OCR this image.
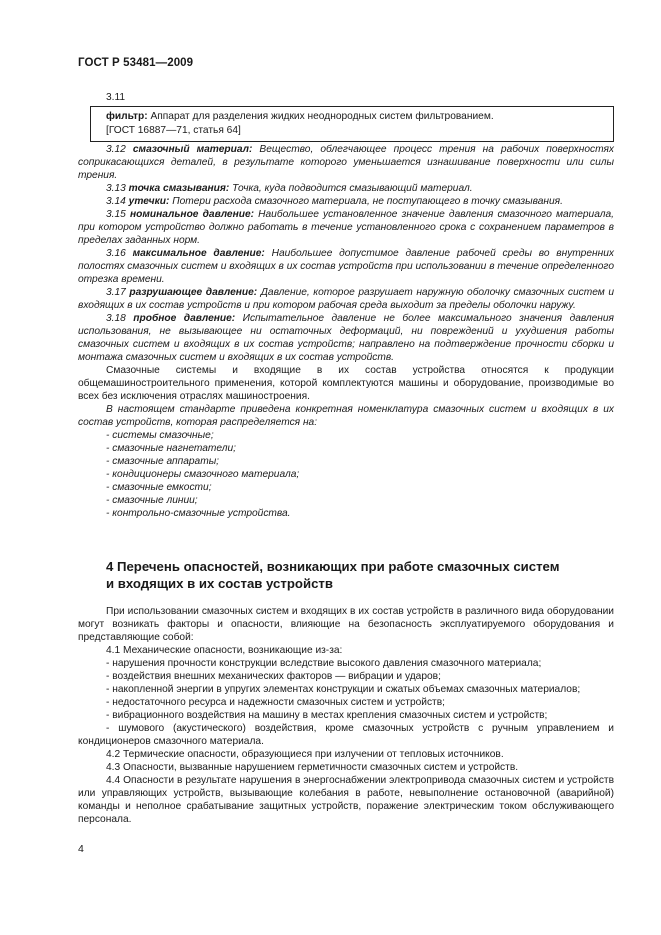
ГОСТ Р 53481—2009
3.11

фильтр: Аппарат для разделения жидких неоднородных систем фильтрованием.

[ГОСТ 16887—71, статья 64]

3.12 смазочный материал: Вещество, облегчающее процесс трения на рабочих поверхностях соприкасающихся деталей, в результате которого уменьшается изнашивание поверхности или силы трения.

3.13 точка смазывания: Точка, куда подводится смазывающий материал.

3.14 утечки: Потери расхода смазочного материала, не поступающего в точку смазывания.

3.15 номинальное давление: Наибольшее установленное значение давления смазочного материала, при котором устройство должно работать в течение установленного срока с сохранением параметров в пределах заданных норм.

3.16 максимальное давление: Наибольшее допустимое давление рабочей среды во внутренних полостях смазочных систем и входящих в их состав устройств при использовании в течение определенного отрезка времени.

3.17 разрушающее давление: Давление, которое разрушает наружную оболочку смазочных систем и входящих в их состав устройств и при котором рабочая среда выходит за пределы оболочки наружу.

3.18 пробное давление: Испытательное давление не более максимального значения давления использования, не вызывающее ни остаточных деформаций, ни повреждений и ухудшения работы смазочных систем и входящих в их состав устройств; направлено на подтверждение прочности сборки и монтажа смазочных систем и входящих в их состав устройств.

Смазочные системы и входящие в их состав устройства относятся к продукции общемашиностроительного применения, которой комплектуются машины и оборудование, производимые во всех без исключения отраслях машиностроения.

В настоящем стандарте приведена конкретная номенклатура смазочных систем и входящих в их состав устройств, которая распределяется на:

- системы смазочные;

- смазочные нагнетатели;

- смазочные аппараты;

- кондиционеры смазочного материала;

- смазочные емкости;

- смазочные линии;

- контрольно-смазочные устройства.

4 Перечень опасностей, возникающих при работе смазочных систем
и входящих в их состав устройств

При использовании смазочных систем и входящих в их состав устройств в различного вида оборудовании могут возникать факторы и опасности, влияющие на безопасность эксплуатируемого оборудования и представляющие собой:

4.1 Механические опасности, возникающие из-за:

- нарушения прочности конструкции вследствие высокого давления смазочного материала;

- воздействия внешних механических факторов — вибрации и ударов;

- накопленной энергии в упругих элементах конструкции и сжатых объемах смазочных материалов;

- недостаточного ресурса и надежности смазочных систем и устройств;

- вибрационного воздействия на машину в местах крепления смазочных систем и устройств;

- шумового (акустического) воздействия, кроме смазочных устройств с ручным управлением и кондиционеров смазочного материала.

4.2 Термические опасности, образующиеся при излучении от тепловых источников.

4.3 Опасности, вызванные нарушением герметичности смазочных систем и устройств.

4.4 Опасности в результате нарушения в энергоснабжении электропривода смазочных систем и устройств или управляющих устройств, вызывающие колебания в работе, невыполнение остановочной (аварийной) команды и неполное срабатывание защитных устройств, поражение электрическим током обслуживающего персонала.

4
